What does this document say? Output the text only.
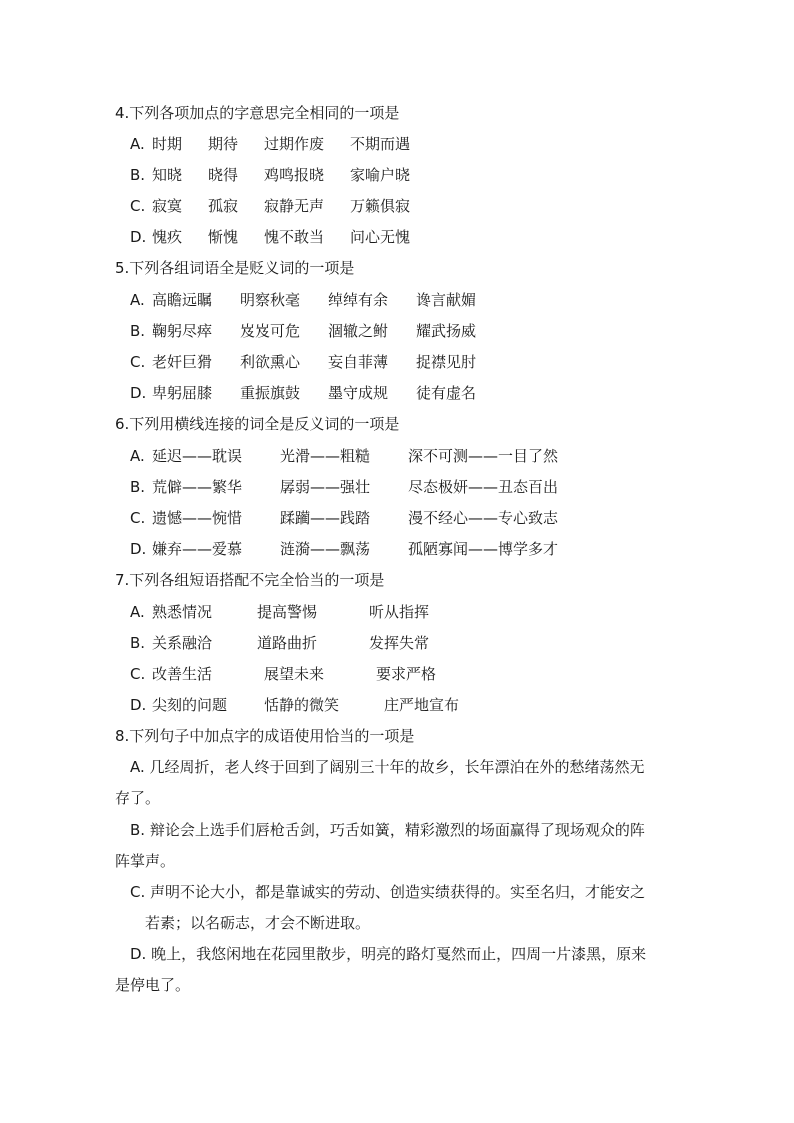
4.下列各项加点的字意思完全相同的一项是
A. 时期 期待 过期作废 不期而遇
B. 知晓 晓得 鸡鸣报晓 家喻户晓
C. 寂寞 孤寂 寂静无声 万籁俱寂
D. 愧疚 惭愧 愧不敢当 问心无愧
5.下列各组词语全是贬义词的一项是
A. 高瞻远瞩 明察秋毫 绰绰有余 谗言献媚
B. 鞠躬尽瘁 岌岌可危 涸辙之鲋 耀武扬威
C. 老奸巨猾 利欲熏心 妄自菲薄 捉襟见肘
D. 卑躬屈膝 重振旗鼓 墨守成规 徒有虚名
6.下列用横线连接的词全是反义词的一项是
A. 延迟——耽误	光滑——粗糙	深不可测——一目了然
B. 荒僻——繁华	孱弱——强壮	尽态极妍——丑态百出
C. 遗憾——惋惜	蹂躏——践踏	漫不经心——专心致志
D. 嫌弃——爱慕	涟漪——飘荡	孤陋寡闻——博学多才
7.下列各组短语搭配不完全恰当的一项是
A. 熟悉情况	提高警惕	听从指挥
B. 关系融洽	道路曲折	发挥失常
C. 改善生活	展望未来	要求严格
D. 尖刻的问题 恬静的微笑	庄严地宣布
8.下列句子中加点字的成语使用恰当的一项是
A. 几经周折，老人终于回到了阔别三十年的故乡，长年漂泊在外的愁绪荡然无
存了。
B. 辩论会上选手们唇枪舌剑，巧舌如簧，精彩激烈的场面赢得了现场观众的阵
阵掌声。
C. 声明不论大小，都是靠诚实的劳动、创造实绩获得的。实至名归，才能安之
若素；以名砺志，才会不断进取。
D. 晚上，我悠闲地在花园里散步，明亮的路灯戛然而止，四周一片漆黑，原来
是停电了。
